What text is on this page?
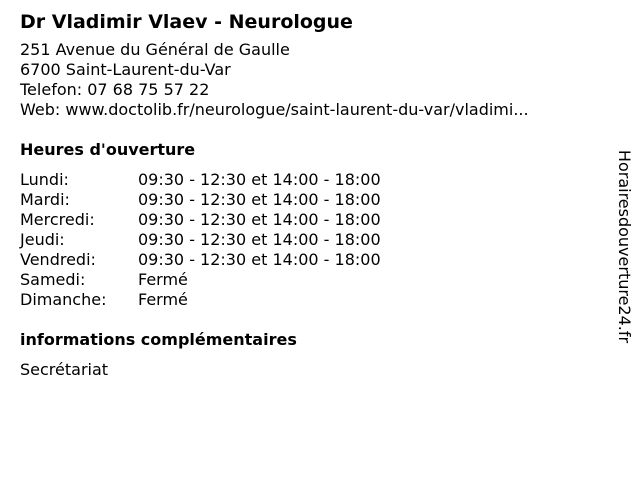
Dr Vladimir Vlaev - Neurologue
251 Avenue du Général de Gaulle
6700 Saint-Laurent-du-Var
Telefon: 07 68 75 57 22
Web: www.doctolib.fr/neurologue/saint-laurent-du-var/vladimi...
Heures d'ouverture
Lundi:	09:30 - 12:30 et 14:00 - 18:00
Mardi:	09:30 - 12:30 et 14:00 - 18:00
Mercredi:	09:30 - 12:30 et 14:00 - 18:00
Jeudi:	09:30 - 12:30 et 14:00 - 18:00
Vendredi:	09:30 - 12:30 et 14:00 - 18:00
Samedi:	Fermé
Dimanche:	Fermé
informations complémentaires
Secrétariat
Horairesdouverture24.fr
